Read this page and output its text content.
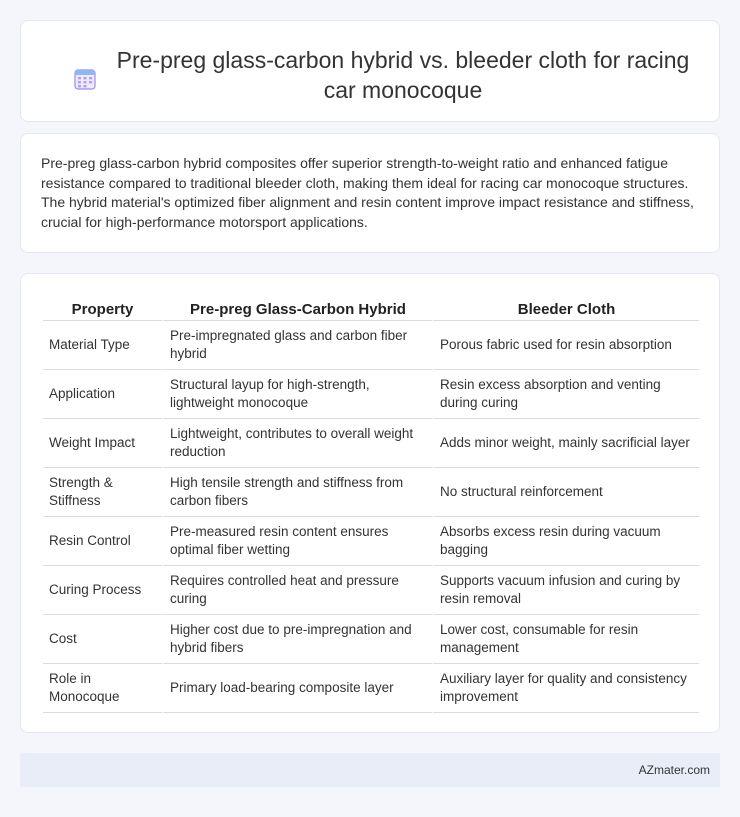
Pre-preg glass-carbon hybrid vs. bleeder cloth for racing car monocoque

Pre-preg glass-carbon hybrid composites offer superior strength-to-weight ratio and enhanced fatigue resistance compared to traditional bleeder cloth, making them ideal for racing car monocoque structures. The hybrid material's optimized fiber alignment and resin content improve impact resistance and stiffness, crucial for high-performance motorsport applications.

Property	Pre-preg Glass-Carbon Hybrid	Bleeder Cloth
Material Type	Pre-impregnated glass and carbon fiber hybrid	Porous fabric used for resin absorption
Application	Structural layup for high-strength, lightweight monocoque	Resin excess absorption and venting during curing
Weight Impact	Lightweight, contributes to overall weight reduction	Adds minor weight, mainly sacrificial layer
Strength & Stiffness	High tensile strength and stiffness from carbon fibers	No structural reinforcement
Resin Control	Pre-measured resin content ensures optimal fiber wetting	Absorbs excess resin during vacuum bagging
Curing Process	Requires controlled heat and pressure curing	Supports vacuum infusion and curing by resin removal
Cost	Higher cost due to pre-impregnation and hybrid fibers	Lower cost, consumable for resin management
Role in Monocoque	Primary load-bearing composite layer	Auxiliary layer for quality and consistency improvement
AZmater.com
